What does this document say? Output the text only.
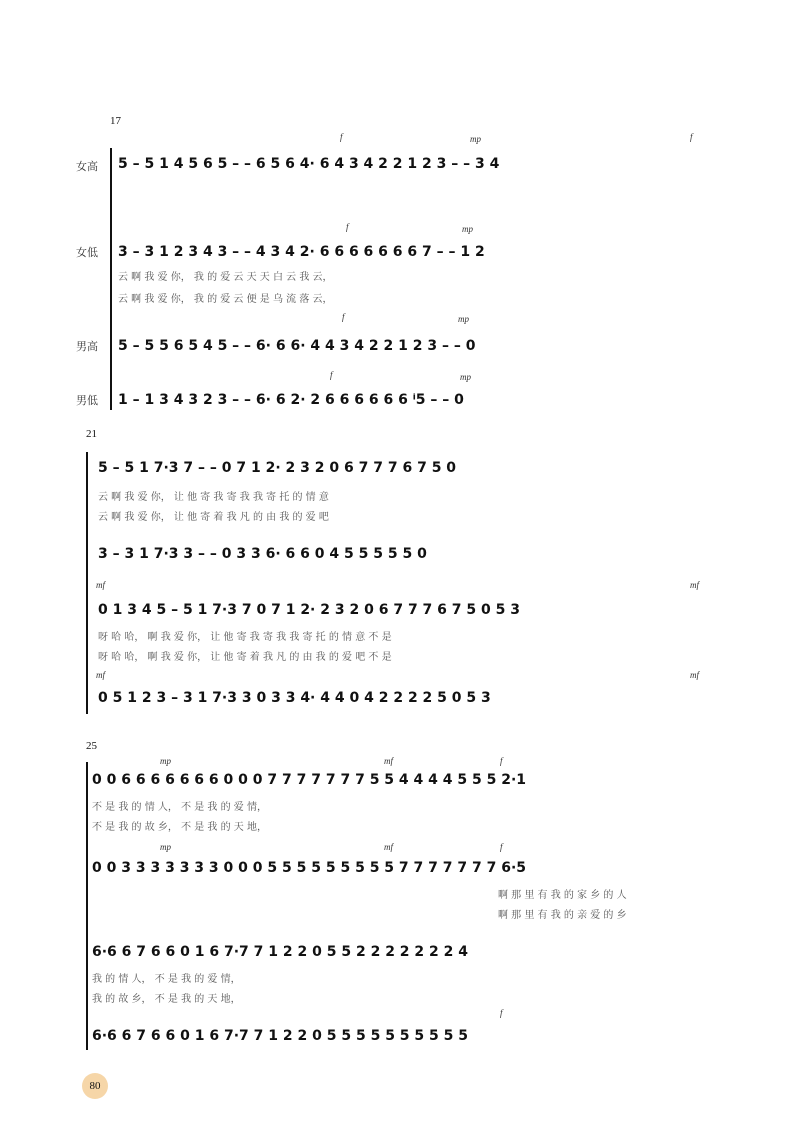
17
女高
女低
男高
男低
f	mp	f
f	mp
f	mp
f	mp
5 – 5 1 4 5 6 5 – – 6 5 6 4· 6 4 3 4 2 2 1 2 3 – – 3 4
3 – 3 1 2 3 4 3 – – 4 3 4 2· 6 6 6 6 6 6 6 7 – – 1 2
云 啊 我 爱 你， 我 的 爱 云 天 天 白 云 我 云，
云 啊 我 爱 你， 我 的 爱 云 便 是 乌 流 落 云，
5 – 5 5 6 5 4 5 – – 6· 6 6· 4 4 3 4 2 2 1 2 3 – – 0
1 – 1 3 4 3 2 3 – – 6· 6 2· 2 6 6 6 6 6 6 ⁱ5 – – 0
21
mf	mf
mf	mf
5 – 5 1 7·3 7 – – 0 7 1 2· 2 3 2 0 6 7 7 7 6 7 5 0
云 啊 我 爱 你， 让 他 寄 我 寄 我 我 寄 托 的 情 意
云 啊 我 爱 你， 让 他 寄 着 我 凡 的 由 我 的 爱 吧
3 – 3 1 7·3 3 – – 0 3 3 6· 6 6 0 4 5 5 5 5 5 0
0 1 3 4 5 – 5 1 7·3 7 0 7 1 2· 2 3 2 0 6 7 7 7 6 7 5 0 5 3
呀 哈 哈， 啊 我 爱 你， 让 他 寄 我 寄 我 我 寄 托 的 情 意 不 是
呀 哈 哈， 啊 我 爱 你， 让 他 寄 着 我 凡 的 由 我 的 爱 吧 不 是
0 5 1 2 3 – 3 1 7·3 3 0 3 3 4· 4 4 0 4 2 2 2 2 5 0 5 3
25
mp	mf	f
mp	mf	f
f
0 0 6 6 6 6 6 6 6 0 0 0 7 7 7 7 7 7 7 5 5 4 4 4 4 5 5 5 2·1
不 是 我 的 情 人， 不 是 我 的 爱 情，
不 是 我 的 故 乡， 不 是 我 的 天 地，
0 0 3 3 3 3 3 3 3 0 0 0 5 5 5 5 5 5 5 5 5 7 7 7 7 7 7 7 6·5
啊 那 里 有 我 的 家 乡 的 人
啊 那 里 有 我 的 亲 爱 的 乡
6·6 6 7 6 6 0 1 6 7·7 7 1 2 2 0 5 5 2 2 2 2 2 2 2 4
我 的 情 人， 不 是 我 的 爱 情，
我 的 故 乡， 不 是 我 的 天 地，
6·6 6 7 6 6 0 1 6 7·7 7 1 2 2 0 5 5 5 5 5 5 5 5 5 5
80
